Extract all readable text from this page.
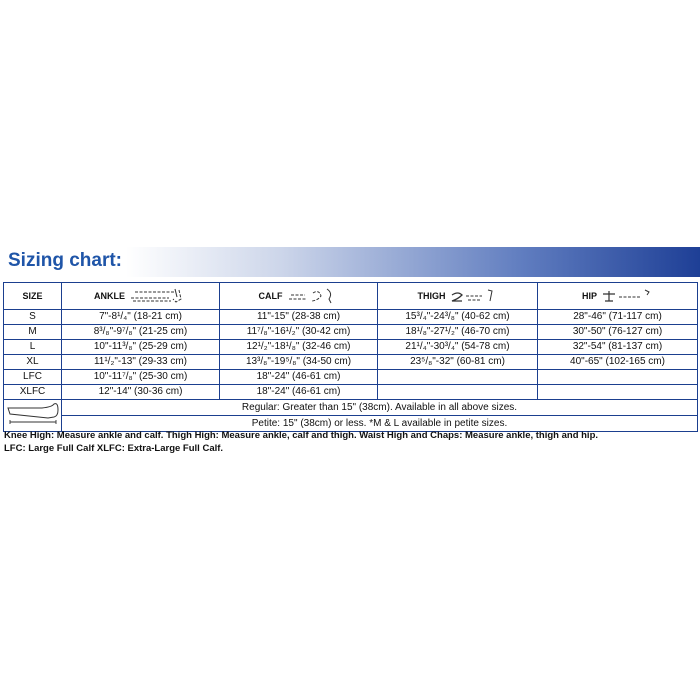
Sizing chart:
SIZE	ANKLE	CALF	THIGH	HIP

S	7"-8¹/₄" (18-21 cm)	11"-15" (28-38 cm)	15³/₄"-24³/₈" (40-62 cm)	28"-46" (71-117 cm)
M	8³/₈"-9⁷/₈" (21-25 cm)	11⁷/₈"-16¹/₂" (30-42 cm)	18¹/₈"-27¹/₂" (46-70 cm)	30"-50" (76-127 cm)
L	10"-11³/₈" (25-29 cm)	12¹/₂"-18¹/₈" (32-46 cm)	21¹/₄"-30³/₄" (54-78 cm)	32"-54" (81-137 cm)
XL	11¹/₂"-13" (29-33 cm)	13³/₈"-19⁵/₈" (34-50 cm)	23⁵/₈"-32" (60-81 cm)	40"-65" (102-165 cm)
LFC	10"-11⁷/₈" (25-30 cm)	18"-24" (46-61 cm)		
XLFC	12"-14" (30-36 cm)	18"-24" (46-61 cm)		
	Regular: Greater than 15" (38cm). Available in all above sizes.			
	Petite: 15" (38cm) or less. *M & L available in petite sizes.			
Knee High: Measure ankle and calf. Thigh High: Measure ankle, calf and thigh. Waist High and Chaps: Measure ankle, thigh and hip.
LFC: Large Full Calf XLFC: Extra-Large Full Calf.
